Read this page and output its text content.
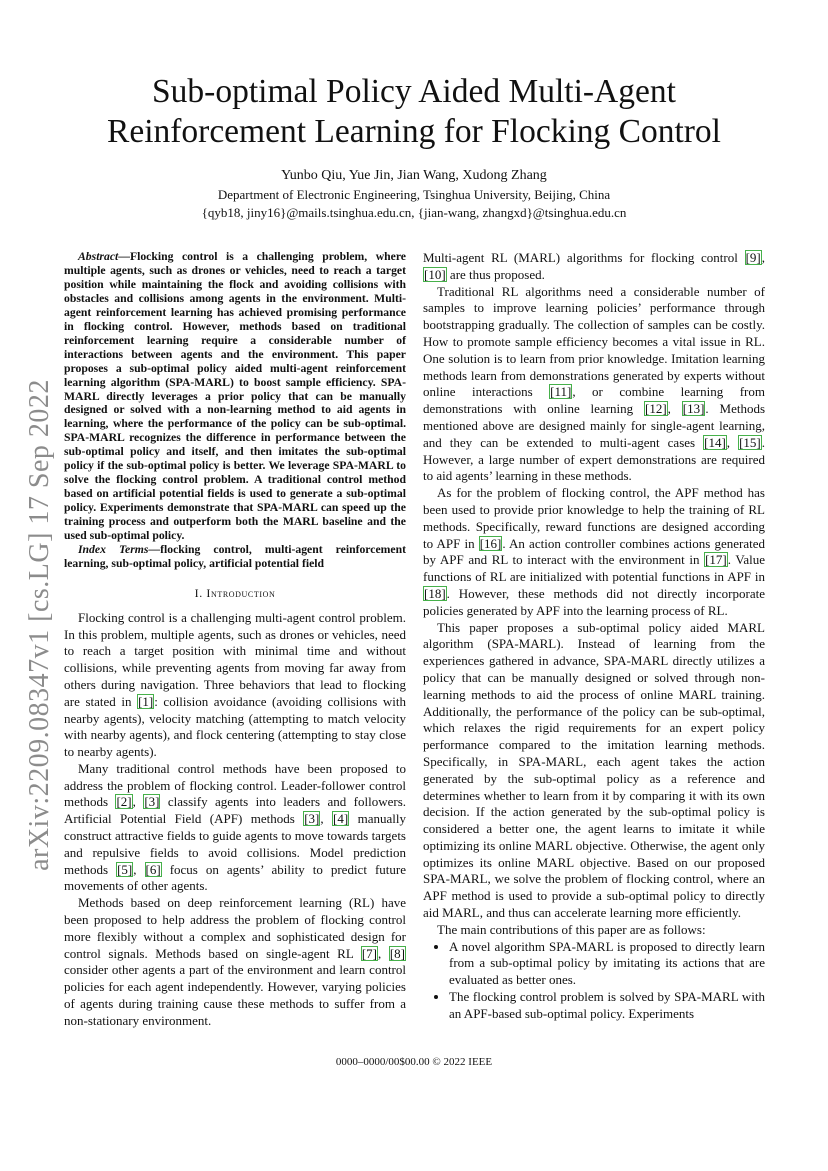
arXiv:2209.08347v1 [cs.LG] 17 Sep 2022
Sub-optimal Policy Aided Multi-Agent
Reinforcement Learning for Flocking Control
Yunbo Qiu, Yue Jin, Jian Wang, Xudong Zhang
Department of Electronic Engineering, Tsinghua University, Beijing, China
{qyb18, jiny16}@mails.tsinghua.edu.cn, {jian-wang, zhangxd}@tsinghua.edu.cn

Abstract—Flocking control is a challenging problem, where multiple agents, such as drones or vehicles, need to reach a target position while maintaining the flock and avoiding collisions with obstacles and collisions among agents in the environment. Multi-agent reinforcement learning has achieved promising performance in flocking control. However, methods based on traditional reinforcement learning require a considerable number of interactions between agents and the environment. This paper proposes a sub-optimal policy aided multi-agent reinforcement learning algorithm (SPA-MARL) to boost sample efficiency. SPA-MARL directly leverages a prior policy that can be manually designed or solved with a non-learning method to aid agents in learning, where the performance of the policy can be sub-optimal. SPA-MARL recognizes the difference in performance between the sub-optimal policy and itself, and then imitates the sub-optimal policy if the sub-optimal policy is better. We leverage SPA-MARL to solve the flocking control problem. A traditional control method based on artificial potential fields is used to generate a sub-optimal policy. Experiments demonstrate that SPA-MARL can speed up the training process and outperform both the MARL baseline and the used sub-optimal policy.

Index Terms—flocking control, multi-agent reinforcement learning, sub-optimal policy, artificial potential field

I. Introduction

Flocking control is a challenging multi-agent control problem. In this problem, multiple agents, such as drones or vehicles, need to reach a target position with minimal time and without collisions, while preventing agents from moving far away from others during navigation. Three behaviors that lead to flocking are stated in [1]: collision avoidance (avoiding collisions with nearby agents), velocity matching (attempting to match velocity with nearby agents), and flock centering (attempting to stay close to nearby agents).

Many traditional control methods have been proposed to address the problem of flocking control. Leader-follower control methods [2], [3] classify agents into leaders and followers. Artificial Potential Field (APF) methods [3], [4] manually construct attractive fields to guide agents to move towards targets and repulsive fields to avoid collisions. Model prediction methods [5], [6] focus on agents’ ability to predict future movements of other agents.

Methods based on deep reinforcement learning (RL) have been proposed to help address the problem of flocking control more flexibly without a complex and sophisticated design for control signals. Methods based on single-agent RL [7], [8] consider other agents a part of the environment and learn control policies for each agent independently. However, varying policies of agents during training cause these methods to suffer from a non-stationary environment.

Multi-agent RL (MARL) algorithms for flocking control [9], [10] are thus proposed.

Traditional RL algorithms need a considerable number of samples to improve learning policies’ performance through bootstrapping gradually. The collection of samples can be costly. How to promote sample efficiency becomes a vital issue in RL. One solution is to learn from prior knowledge. Imitation learning methods learn from demonstrations generated by experts without online interactions [11], or combine learning from demonstrations with online learning [12], [13]. Methods mentioned above are designed mainly for single-agent learning, and they can be extended to multi-agent cases [14], [15]. However, a large number of expert demonstrations are required to aid agents’ learning in these methods.

As for the problem of flocking control, the APF method has been used to provide prior knowledge to help the training of RL methods. Specifically, reward functions are designed according to APF in [16]. An action controller combines actions generated by APF and RL to interact with the environment in [17]. Value functions of RL are initialized with potential functions in APF in [18]. However, these methods did not directly incorporate policies generated by APF into the learning process of RL.

This paper proposes a sub-optimal policy aided MARL algorithm (SPA-MARL). Instead of learning from the experiences gathered in advance, SPA-MARL directly utilizes a policy that can be manually designed or solved through non-learning methods to aid the process of online MARL training. Additionally, the performance of the policy can be sub-optimal, which relaxes the rigid requirements for an expert policy performance compared to the imitation learning methods. Specifically, in SPA-MARL, each agent takes the action generated by the sub-optimal policy as a reference and determines whether to learn from it by comparing it with its own decision. If the action generated by the sub-optimal policy is considered a better one, the agent learns to imitate it while optimizing its online MARL objective. Otherwise, the agent only optimizes its online MARL objective. Based on our proposed SPA-MARL, we solve the problem of flocking control, where an APF method is used to provide a sub-optimal policy to directly aid MARL, and thus can accelerate learning more efficiently.

The main contributions of this paper are as follows:

• A novel algorithm SPA-MARL is proposed to directly learn from a sub-optimal policy by imitating its actions that are evaluated as better ones.
• The flocking control problem is solved by SPA-MARL with an APF-based sub-optimal policy. Experiments
0000–0000/00$00.00 © 2022 IEEE
